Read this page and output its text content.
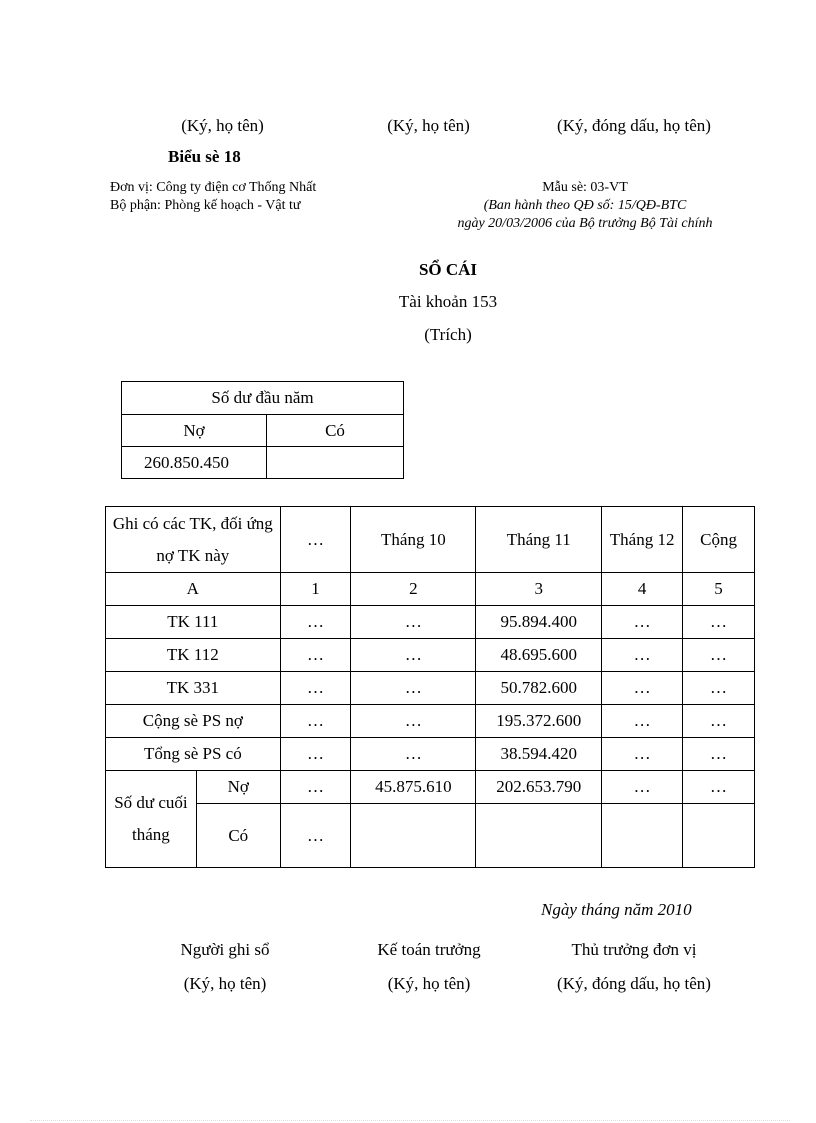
(Ký, họ tên)	(Ký, họ tên)	(Ký, đóng dấu, họ tên)
Biểu sè 18
Đơn vị: Công ty điện cơ Thống Nhất
Bộ phận: Phòng kế hoạch - Vật tư
Mẫu sè: 03-VT
(Ban hành theo QĐ số: 15/QĐ-BTC
ngày 20/03/2006 của Bộ trưởng Bộ Tài chính
SỔ CÁI
Tài khoản 153
(Trích)
Số dư đầu năm	
Nợ	Có
260.850.450	
Ghi có các TK, đối ứng nợ TK này		…	Tháng 10	Tháng 11	Tháng 12	Cộng
A		1	2	3	4	5
TK 111		…	…	95.894.400	…	…
TK 112		…	…	48.695.600	…	…
TK 331		…	…	50.782.600	…	…
Cộng sè PS nợ		…	…	195.372.600	…	…
Tổng sè PS có		…	…	38.594.420	…	…
Số dư cuối tháng	Nợ	…	45.875.610	202.653.790	…	…
	Có	…				
Ngày tháng năm 2010
Người ghi sổ	Kế toán trưởng	Thủ trưởng đơn vị
(Ký, họ tên)	(Ký, họ tên)	(Ký, đóng dấu, họ tên)
